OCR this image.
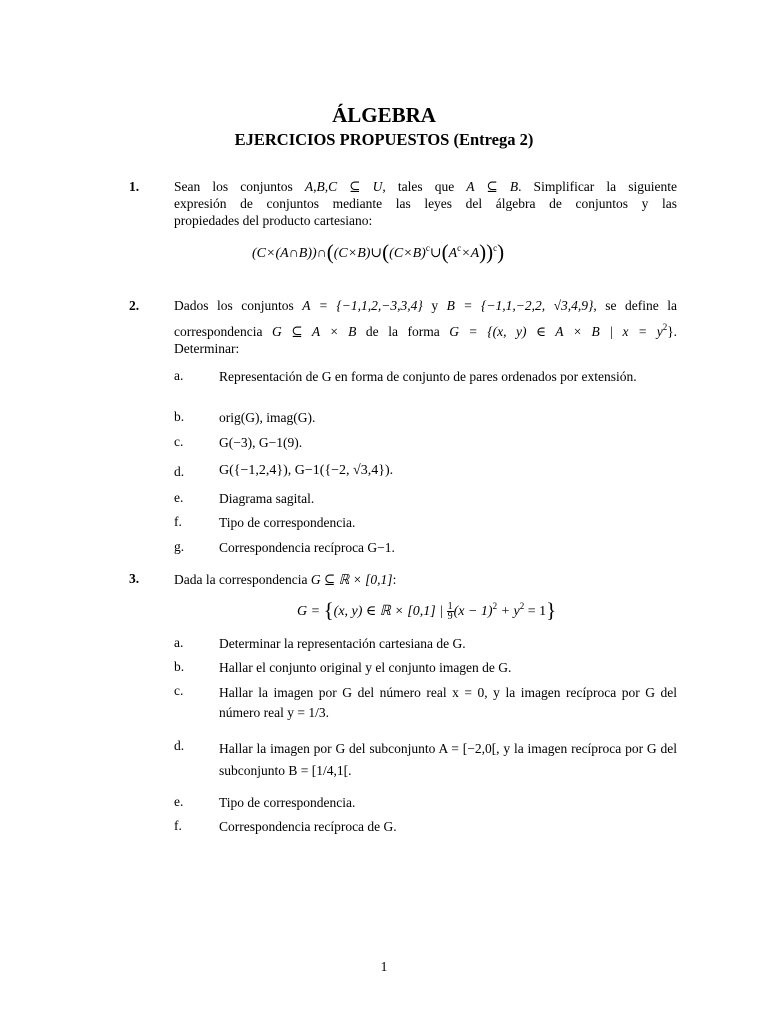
ÁLGEBRA
EJERCICIOS PROPUESTOS (Entrega 2)
1.	Sean los conjuntos A,B,C ⊆ U, tales que A ⊆ B. Simplificar la siguiente
expresión de conjuntos mediante las leyes del álgebra de conjuntos y las
propiedades del producto cartesiano:
$(C\times(A\cap B))\cap((C\times B)\cup((C\times B)^c\cup(A^c\times A))^c)$
2.	Dados los conjuntos A = {−1,1,2,−3,3,4} y B = {−1,1,−2,2, √3,4,9}, se define la
correspondencia G ⊆ A × B de la forma G = {(x, y) ∈ A × B | $x = y^2$}.
Determinar:
a.	Representación de G en forma de conjunto de pares ordenados por extensión.
b.	orig(G), imag(G).
c.	G(−3), G−1(9).
d. G({−1,2,4}), G−1({−2, √3,4}).
e.	Diagrama sagital.
f.	Tipo de correspondencia.
g.	Correspondencia recíproca G−1.
3.	Dada la correspondencia G ⊆ ℝ × [0,1]:
G = {(x, y) ∈ ℝ × [0,1] | $\frac{1}{9} (x - 1)^2 + y^2 = 1$}
a.	Determinar la representación cartesiana de G.
b.	Hallar el conjunto original y el conjunto imagen de G.
c.	Hallar la imagen por G del número real x = 0, y la imagen recíproca por G del número real y = 1/3.
d.	Hallar la imagen por G del subconjunto A = [−2,0[, y la imagen recíproca por G del subconjunto B = [1/4,1[.
e.	Tipo de correspondencia.
f.	Correspondencia recíproca de G.
1
